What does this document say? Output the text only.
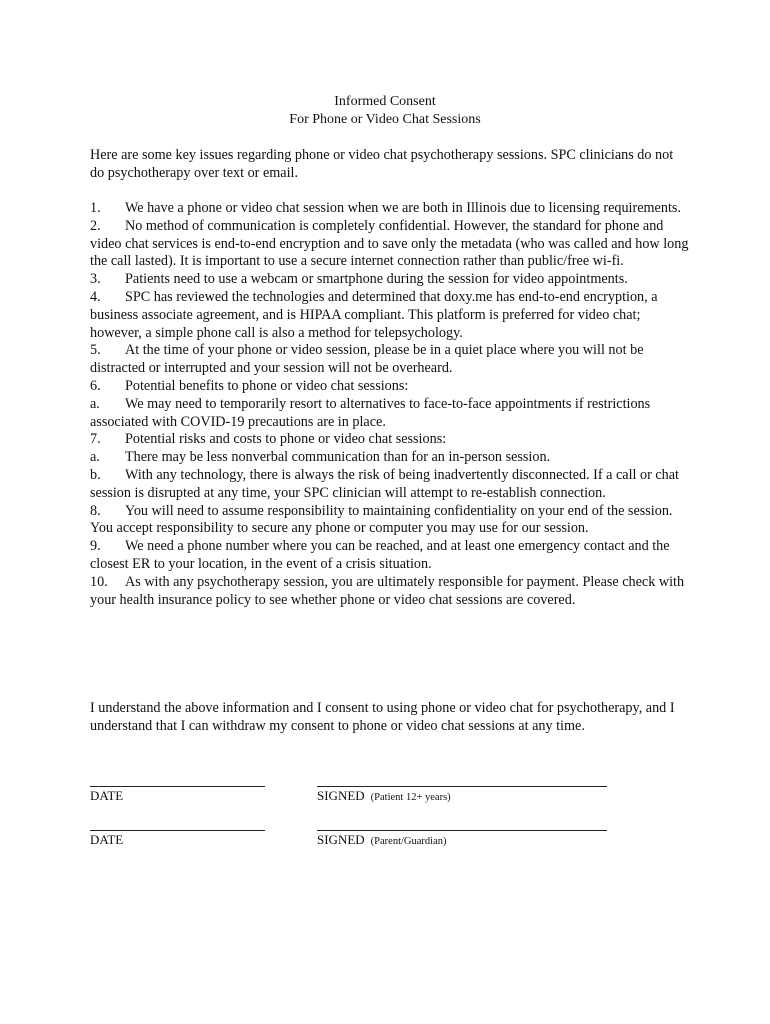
Informed Consent
For Phone or Video Chat Sessions
Here are some key issues regarding phone or video chat psychotherapy sessions. SPC clinicians do not do psychotherapy over text or email.
1. We have a phone or video chat session when we are both in Illinois due to licensing requirements.
2. No method of communication is completely confidential. However, the standard for phone and video chat services is end-to-end encryption and to save only the metadata (who was called and how long the call lasted). It is important to use a secure internet connection rather than public/free wi-fi.
3. Patients need to use a webcam or smartphone during the session for video appointments.
4. SPC has reviewed the technologies and determined that doxy.me has end-to-end encryption, a business associate agreement, and is HIPAA compliant. This platform is preferred for video chat; however, a simple phone call is also a method for telepsychology.
5. At the time of your phone or video session, please be in a quiet place where you will not be distracted or interrupted and your session will not be overheard.
6. Potential benefits to phone or video chat sessions:
a. We may need to temporarily resort to alternatives to face-to-face appointments if restrictions associated with COVID-19 precautions are in place.
7. Potential risks and costs to phone or video chat sessions:
a. There may be less nonverbal communication than for an in-person session.
b. With any technology, there is always the risk of being inadvertently disconnected. If a call or chat session is disrupted at any time, your SPC clinician will attempt to re-establish connection.
8. You will need to assume responsibility to maintaining confidentiality on your end of the session. You accept responsibility to secure any phone or computer you may use for our session.
9. We need a phone number where you can be reached, and at least one emergency contact and the closest ER to your location, in the event of a crisis situation.
10. As with any psychotherapy session, you are ultimately responsible for payment. Please check with your health insurance policy to see whether phone or video chat sessions are covered.
I understand the above information and I consent to using phone or video chat for psychotherapy, and I understand that I can withdraw my consent to phone or video chat sessions at any time.
DATE	SIGNED (Patient 12+ years)
DATE	SIGNED (Parent/Guardian)
